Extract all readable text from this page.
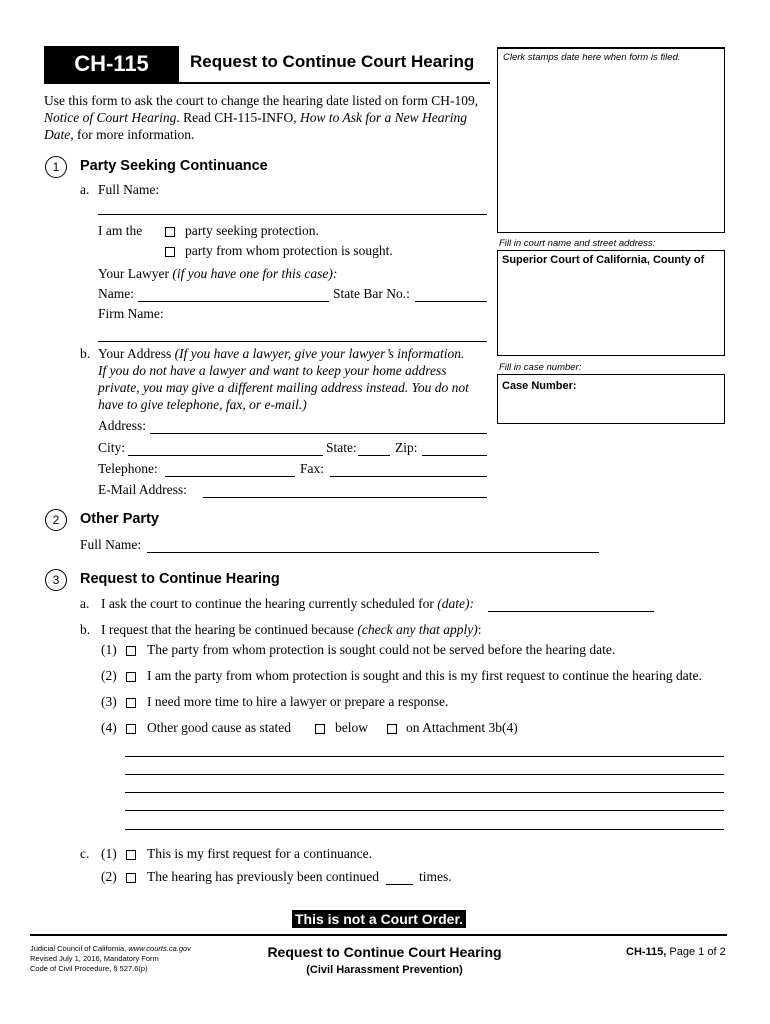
CH-115	Request to Continue Court Hearing
Use this form to ask the court to change the hearing date listed on form CH-109,
Notice of Court Hearing. Read CH-115-INFO, How to Ask for a New Hearing
Date, for more information.
Clerk stamps date here when form is filed.
Fill in court name and street address:
Superior Court of California, County of
Fill in case number:
Case Number:
1	Party Seeking Continuance
a. Full Name:
I am the	party seeking protection.
party from whom protection is sought.
Your Lawyer (if you have one for this case):
Name:	State Bar No.:
Firm Name:
b. Your Address (If you have a lawyer, give your lawyer’s information.
If you do not have a lawyer and want to keep your home address
private, you may give a different mailing address instead. You do not
have to give telephone, fax, or e-mail.)
Address:
City:	State:	Zip:
Telephone:	Fax:
E-Mail Address:
2	Other Party
Full Name:
3	Request to Continue Hearing
a. I ask the court to continue the hearing currently scheduled for (date):
b. I request that the hearing be continued because (check any that apply):
(1) The party from whom protection is sought could not be served before the hearing date.
(2) I am the party from whom protection is sought and this is my first request to continue the hearing date.
(3) I need more time to hire a lawyer or prepare a response.
(4) Other good cause as stated	below	on Attachment 3b(4)
c. (1) This is my first request for a continuance.
(2) The hearing has previously been continued	times.
This is not a Court Order.
Judicial Council of California, www.courts.ca.gov
Revised July 1, 2016, Mandatory Form
Code of Civil Procedure, § 527.6(p)
Request to Continue Court Hearing
(Civil Harassment Prevention)
CH-115, Page 1 of 2
